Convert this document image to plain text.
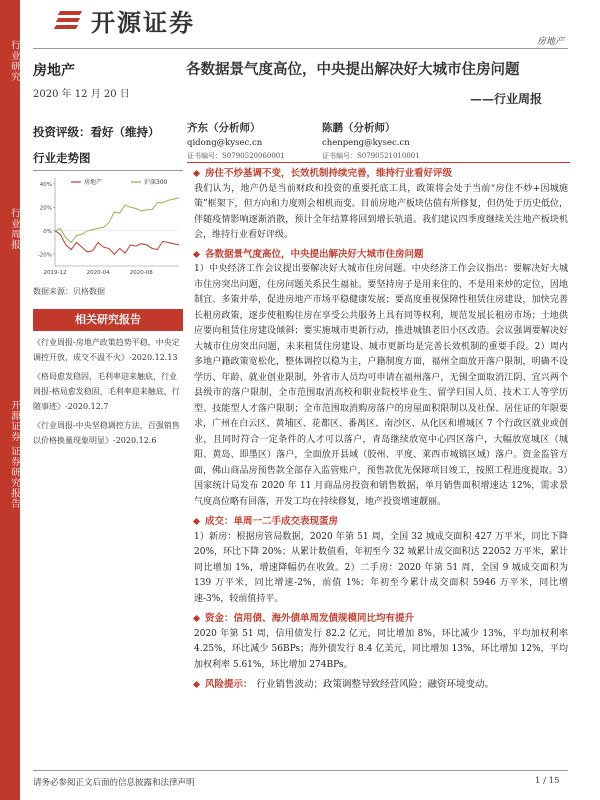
行业研究
行业周报
开源证券 证券研究报告
开源证券
房地产
房地产
2020 年 12 月 20 日
各数据景气度高位，中央提出解决好大城市住房问题
——行业周报
投资评级：看好（维持）	齐东（分析师）
qidong@kysec.cn
证书编号：S0790520060001
陈鹏（分析师）
chenpeng@kysec.cn
证书编号：S0790521010001
行业走势图
40%
20%
0%
-20%
2019-12	2020-04	2020-08
房地产	沪深300
数据来源：贝格数据
相关研究报告

《行业周报-房地产政策趋势平稳，中央定调控开放，成交不温不火》-2020.12.13

《格局愈发稳固，毛利率迎来触底，行业周报-格局愈发稳固，毛利率迎来触底，行随事迹》-2020.12.7

《行业周报-中央坚稳调控方法，百强销售以价格换量现象明显》-2020.12.6

房住不炒基调不变，长效机制持续完善，维持行业看好评级

我们认为，地产仍是当前财政和投资的重要托底工具，政策将会处于当前“房住不炒+因城施策”框架下，但方向和力度则会相机而变。目前房地产板块估值有所修复，但仍处于历史低位，伴随疫情影响逐渐消散，预计全年结算将回到增长轨道。我们建议四季度继续关注地产板块机会，维持行业看好评级。

各数据景气度高位，中央提出解决好大城市住房问题

1）中央经济工作会议提出要解决好大城市住房问题。中央经济工作会议指出：要解决好大城市住房突出问题，住房问题关系民生福祉。要坚持房子是用来住的、不是用来炒的定位，因地制宜、多策并举，促进房地产市场平稳健康发展；要高度重视保障性租赁住房建设，加快完善长租房政策，逐步使租购住房在享受公共服务上具有同等权利，规范发展长租房市场；土地供应要向租赁住房建设倾斜；要实施城市更新行动，推进城镇老旧小区改造。会议强调要解决好大城市住房突出问题，未来租赁住房建设、城市更新均是完善长效机制的重要手段。2）周内多地户籍政策宽松化，整体调控以稳为主，户籍制度方面，福州全面放开落户限制，明确不设学历、年龄、就业创业限制，外省市人员均可申请在福州落户，无锡全面取消江阴、宜兴两个县级市的落户限制，全市范围取消高校和职业院校毕业生、留学归国人员、技术工人等学历型、技能型人才落户限制；全市范围取消购房落户的房屋面积限制以及社保、居住证的年限要求，广州在白云区、黄埔区、花都区、番禺区、南沙区、从化区和增城区 7 个行政区就业或创业，且同时符合一定条件的人才可以落户，青岛继续放宽中心四区落户，大幅放宽城区（城阳、黄岛、即墨区）落户，全面放开县域（胶州、平度、莱西市城镇区域）落户。资金监管方面，佛山商品房预售款全部存入监管账户，预售款优先保障项目竣工，按照工程进度提取。3）国家统计局发布 2020 年 11 月商品房投资和销售数据，单月销售面积增速达 12%，需求景气度高位略有回落，开发工均在持续修复，地产投资增速靓丽。

成交：单周一二手成交表现蛋房

1）新房：根据房管局数据，2020 年第 51 周，全国 32 城成交面积 427 万平米，同比下降 20%，环比下降 20%；从累计数值看，年初至今 32 城累计成交面积达 22052 万平米，累计同比增加 1%，增速降幅仍在收敛。2）二手房：2020 年第 51 周，全国 9 城成交面积为 139 万平米，同比增速-2%，前值 1%；年初至今累计成交面积 5946 万平米，同比增速-3%，较前值持平。

资金：信用债、海外债单周发债规模同比均有提升

2020 年第 51 周，信用债发行 82.2 亿元，同比增加 8%，环比减少 13%，平均加权利率 4.25%，环比减少 56BPs；海外债发行 8.4 亿美元，同比增加 13%，环比增加 12%，平均加权利率 5.61%，环比增加 274BPs。

风险提示： 行业销售波动；政策调整导致经营风险；融资环境变动。

请务必参阅正文后面的信息披露和法律声明	1 / 15
